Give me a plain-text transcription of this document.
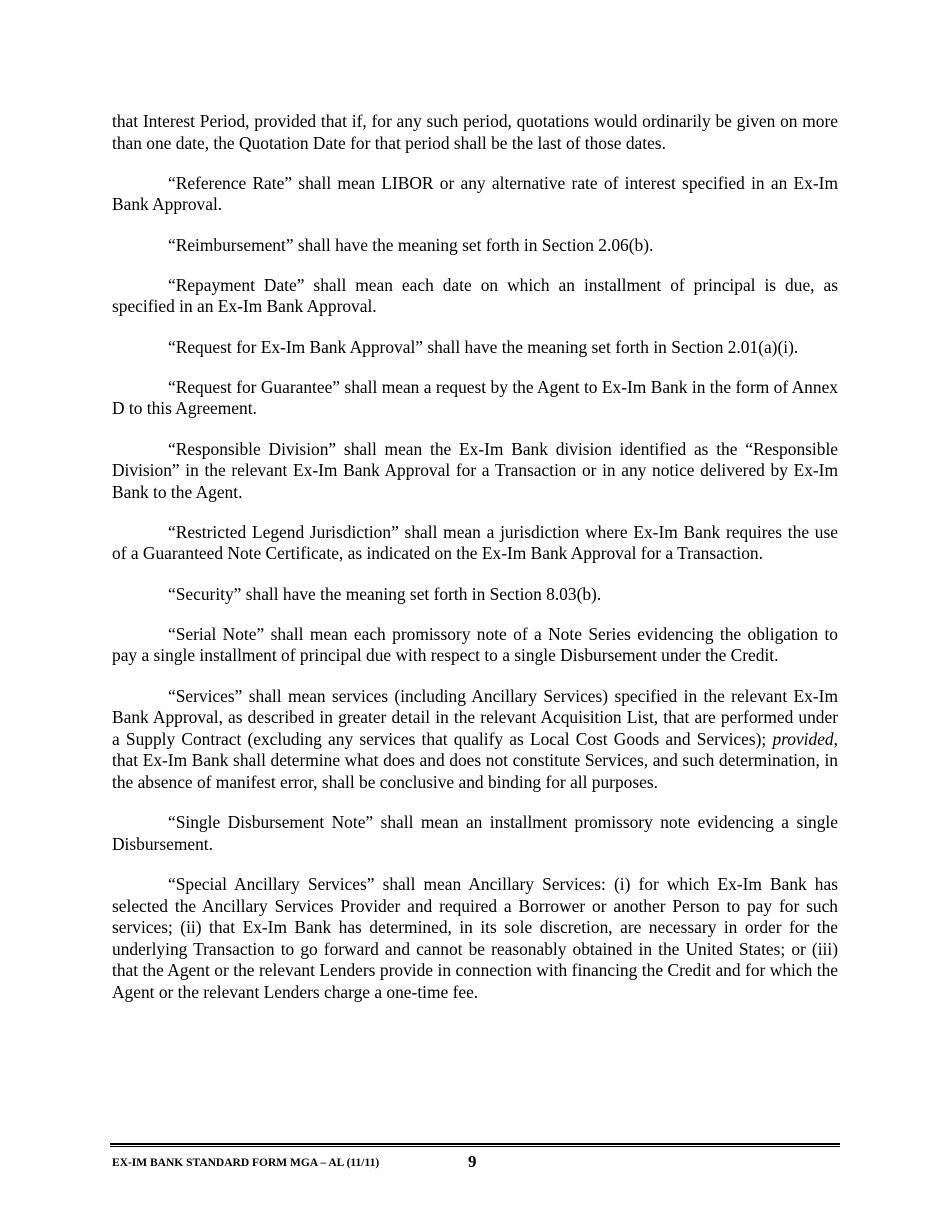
that Interest Period, provided that if, for any such period, quotations would ordinarily be given on more than one date, the Quotation Date for that period shall be the last of those dates.

“Reference Rate” shall mean LIBOR or any alternative rate of interest specified in an Ex-Im Bank Approval.

“Reimbursement” shall have the meaning set forth in Section 2.06(b).

“Repayment Date” shall mean each date on which an installment of principal is due, as specified in an Ex-Im Bank Approval.

“Request for Ex-Im Bank Approval” shall have the meaning set forth in Section 2.01(a)(i).

“Request for Guarantee” shall mean a request by the Agent to Ex-Im Bank in the form of Annex D to this Agreement.

“Responsible Division” shall mean the Ex-Im Bank division identified as the “Responsible Division” in the relevant Ex-Im Bank Approval for a Transaction or in any notice delivered by Ex-Im Bank to the Agent.

“Restricted Legend Jurisdiction” shall mean a jurisdiction where Ex-Im Bank requires the use of a Guaranteed Note Certificate, as indicated on the Ex-Im Bank Approval for a Transaction.

“Security” shall have the meaning set forth in Section 8.03(b).

“Serial Note” shall mean each promissory note of a Note Series evidencing the obligation to pay a single installment of principal due with respect to a single Disbursement under the Credit.

“Services” shall mean services (including Ancillary Services) specified in the relevant Ex-Im Bank Approval, as described in greater detail in the relevant Acquisition List, that are performed under a Supply Contract (excluding any services that qualify as Local Cost Goods and Services); provided, that Ex-Im Bank shall determine what does and does not constitute Services, and such determination, in the absence of manifest error, shall be conclusive and binding for all purposes.

“Single Disbursement Note” shall mean an installment promissory note evidencing a single Disbursement.

“Special Ancillary Services” shall mean Ancillary Services: (i) for which Ex-Im Bank has selected the Ancillary Services Provider and required a Borrower or another Person to pay for such services; (ii) that Ex-Im Bank has determined, in its sole discretion, are necessary in order for the underlying Transaction to go forward and cannot be reasonably obtained in the United States; or (iii) that the Agent or the relevant Lenders provide in connection with financing the Credit and for which the Agent or the relevant Lenders charge a one-time fee.

EX-IM BANK STANDARD FORM MGA – AL (11/11)	9
